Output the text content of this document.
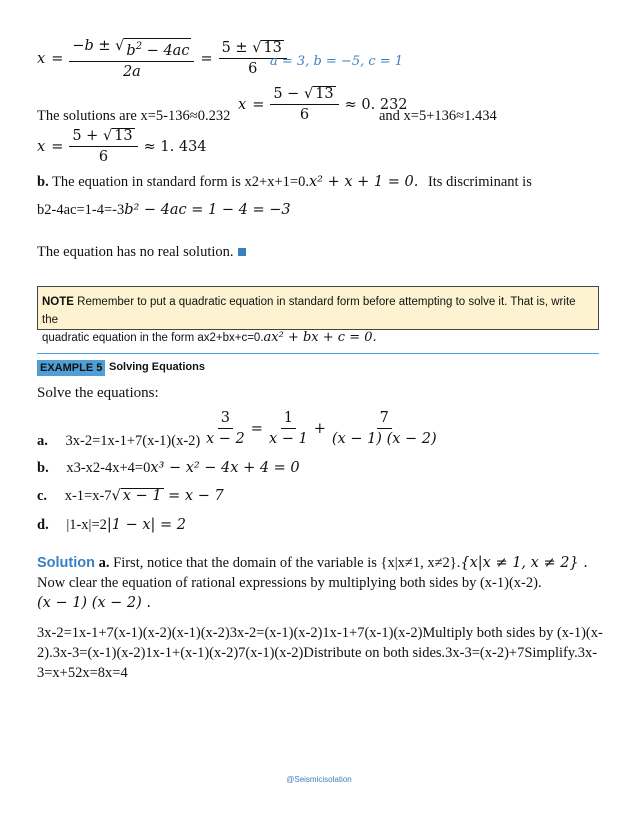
$x = \frac{-b \pm √ b^2 - 4ac}{2a} = \frac{5 \pm √ 13}{6}$
a = 3, b = −5, c = 1
The solutions are x=5-136≈0.232
$x = \frac{5 - √ 13}{6} \approx 0$. 232
and x=5+136≈1.434
$x = \frac{5 + √ 13}{6} \approx 1$. 434
b. The equation in standard form is x2+x+1=0.x² + x + 1 = 0. Its discriminant is
b2-4ac=1-4=-3b² − 4ac = 1 − 4 = −3
The equation has no real solution.
NOTE Remember to put a quadratic equation in standard form before attempting to solve it. That is, write the
quadratic equation in the form ax2+bx+c=0.ax² + bx + c = 0.
EXAMPLE 5 Solving Equations
Solve the equations:
$\frac{3}{x - 2} = \frac{1}{x - 1} + \frac{7}{(x - 1) (x - 2)}$
a. 3x-2=1x-1+7(x-1)(x-2)
b. x3-x2-4x+4=0x³ − x² − 4x + 4 = 0
c. x-1=x-7 √ x − 1 = x − 7
d. |1-x|=2|1 − x| = 2
Solution a. First, notice that the domain of the variable is {x|x≠1, x≠2}.{x|x ≠ 1, x ≠ 2} .
Now clear the equation of rational expressions by multiplying both sides by (x-1)(x-2).
(x − 1) (x − 2) .
3x-2=1x-1+7(x-1)(x-2)(x-1)(x-2)3x-2=(x-1)(x-2)1x-1+7(x-1)(x-2)Multiply both sides by (x-1)(x-2).3x-3=(x-1)(x-2)1x-1+(x-1)(x-2)7(x-1)(x-2)Distribute on both sides.3x-3=(x-2)+7Simplify.3x-3=x+52x=8x=4
@Seismicisolation
